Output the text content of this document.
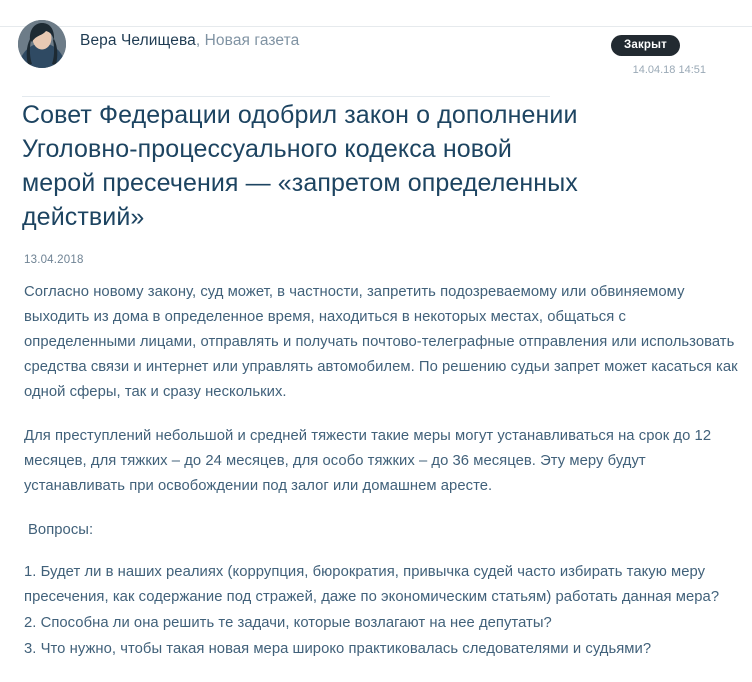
Вера Челищева, Новая газета	Закрыт
14.04.18 14:51
Совет Федерации одобрил закон о дополнении Уголовно-процессуального кодекса новой мерой пресечения — «запретом определенных действий»
13.04.2018

Согласно новому закону, суд может, в частности, запретить подозреваемому или обвиняемому выходить из дома в определенное время, находиться в некоторых местах, общаться с определенными лицами, отправлять и получать почтово-телеграфные отправления или использовать средства связи и интернет или управлять автомобилем. По решению судьи запрет может касаться как одной сферы, так и сразу нескольких.

Для преступлений небольшой и средней тяжести такие меры могут устанавливаться на срок до 12 месяцев, для тяжких – до 24 месяцев, для особо тяжких – до 36 месяцев. Эту меру будут устанавливать при освобождении под залог или домашнем аресте.

Вопросы:

1. Будет ли в наших реалиях (коррупция, бюрократия, привычка судей часто избирать такую меру пресечения, как содержание под стражей, даже по экономическим статьям) работать данная мера?

2. Способна ли она решить те задачи, которые возлагают на нее депутаты?

3. Что нужно, чтобы такая новая мера широко практиковалась следователями и судьями?
